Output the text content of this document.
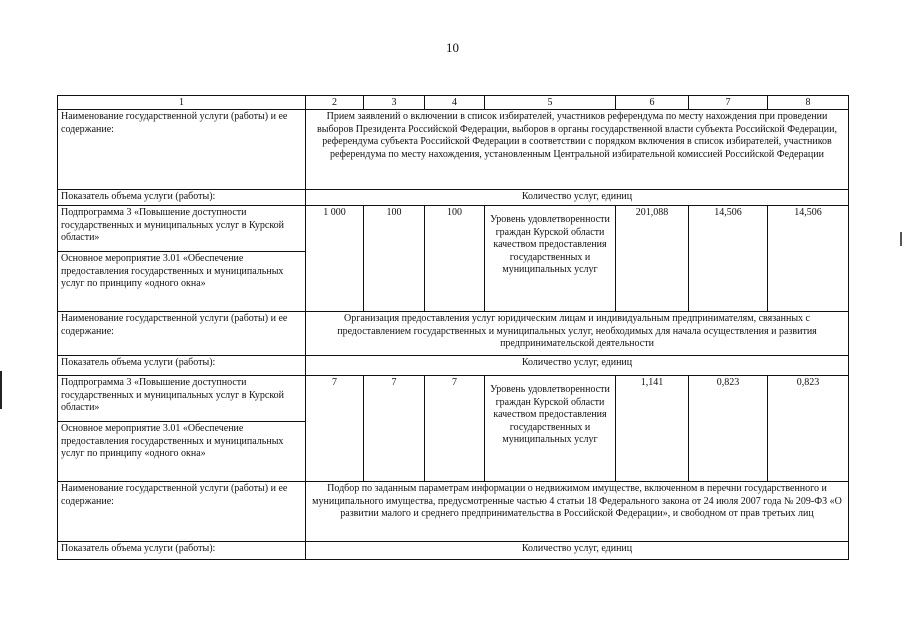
10
1	2	3	4	5	6	7	8
Наименование государственной услуги (работы) и ее содержание:	Прием заявлений о включении в список избирателей, участников референдума по месту нахождения при проведении выборов Президента Российской Федерации, выборов в органы государственной власти субъекта Российской Федерации, референдума субъекта Российской Федерации в соответствии с порядком включения в список избирателей, участников референдума по месту нахождения, установленным Центральной избирательной комиссией Российской Федерации						
Показатель объема услуги (работы):	Количество услуг, единиц						
Подпрограмма 3 «Повышение доступности государственных и муниципальных услуг в Курской области»	1 000	100	100	Уровень удовлетворенности граждан Курской области качеством предоставления государственных и муниципальных услуг	201,088	14,506	14,506
Основное мероприятие 3.01 «Обеспечение предоставления государственных и муниципальных услуг по принципу «одного окна»							
Наименование государственной услуги (работы) и ее содержание:	Организация предоставления услуг юридическим лицам и индивидуальным предпринимателям, связанных с предоставлением государственных и муниципальных услуг, необходимых для начала осуществления и развития предпринимательской деятельности						
Показатель объема услуги (работы):	Количество услуг, единиц						
Подпрограмма 3 «Повышение доступности государственных и муниципальных услуг в Курской области»	7	7	7	Уровень удовлетворенности граждан Курской области качеством предоставления государственных и муниципальных услуг	1,141	0,823	0,823
Основное мероприятие 3.01 «Обеспечение предоставления государственных и муниципальных услуг по принципу «одного окна»							
Наименование государственной услуги (работы) и ее содержание:	Подбор по заданным параметрам информации о недвижимом имуществе, включенном в перечни государственного и муниципального имущества, предусмотренные частью 4 статьи 18 Федерального закона от 24 июля 2007 года № 209-ФЗ «О развитии малого и среднего предпринимательства в Российской Федерации», и свободном от прав третьих лиц						
Показатель объема услуги (работы):	Количество услуг, единиц						
